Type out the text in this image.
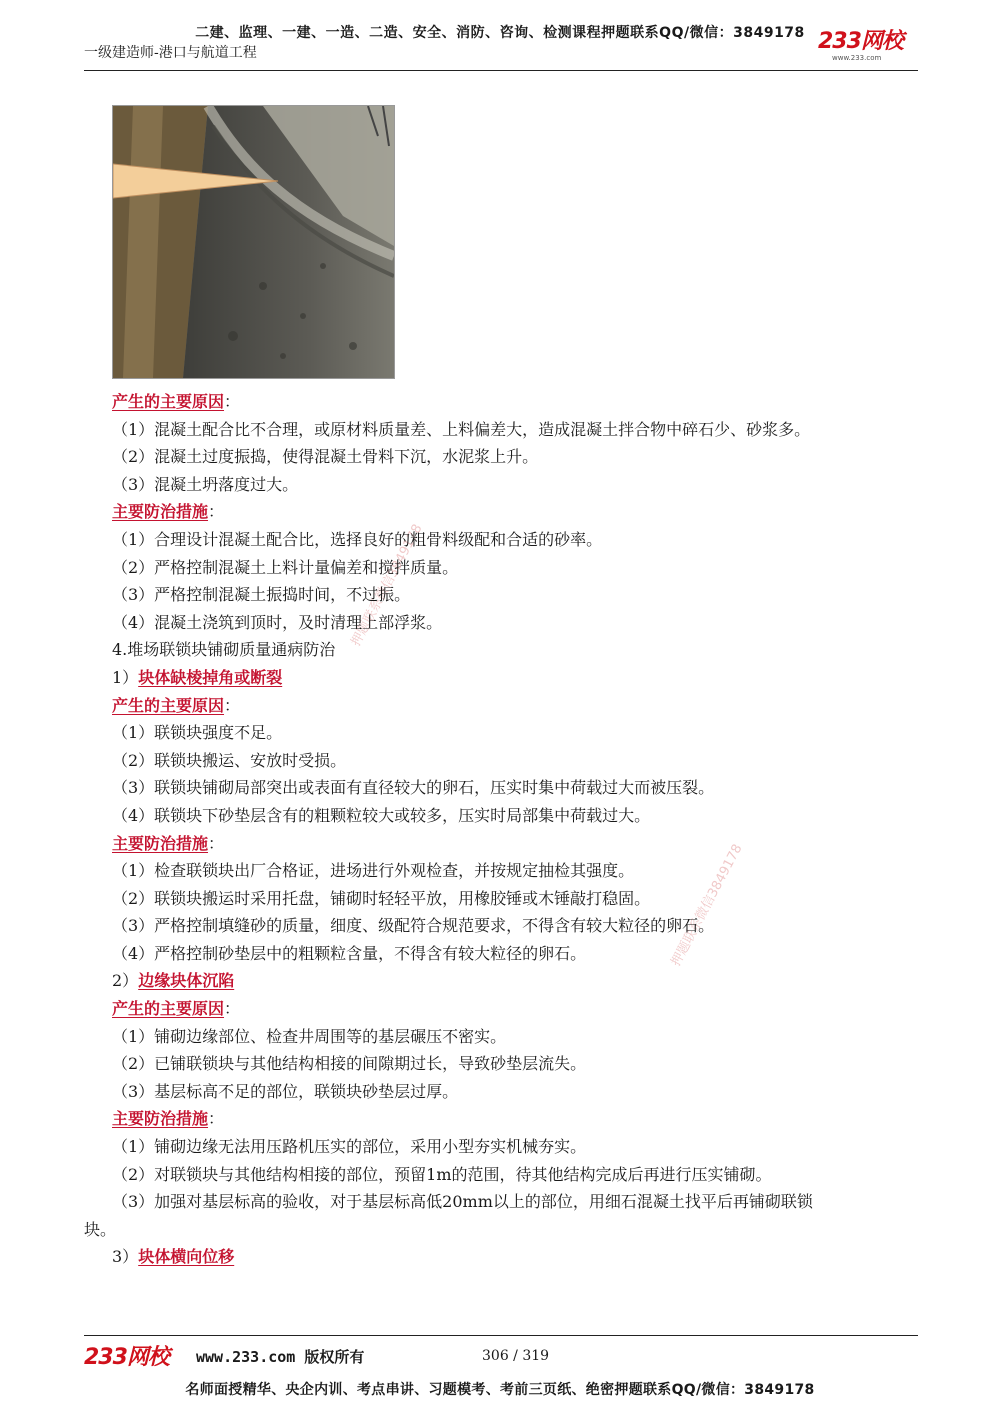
二建、监理、一建、一造、二造、安全、消防、咨询、检测课程押题联系QQ/微信：3849178
一级建造师-港口与航道工程	233网校
www.233.com
押题联系微信3849178
押题联系微信3849178
产生的主要原因：
（1）混凝土配合比不合理，或原材料质量差、上料偏差大，造成混凝土拌合物中碎石少、砂浆多。
（2）混凝土过度振捣，使得混凝土骨料下沉，水泥浆上升。
（3）混凝土坍落度过大。
主要防治措施：
（1）合理设计混凝土配合比，选择良好的粗骨料级配和合适的砂率。
（2）严格控制混凝土上料计量偏差和搅拌质量。
（3）严格控制混凝土振捣时间，不过振。
（4）混凝土浇筑到顶时，及时清理上部浮浆。
4.堆场联锁块铺砌质量通病防治
1）块体缺棱掉角或断裂
产生的主要原因：
（1）联锁块强度不足。
（2）联锁块搬运、安放时受损。
（3）联锁块铺砌局部突出或表面有直径较大的卵石，压实时集中荷载过大而被压裂。
（4）联锁块下砂垫层含有的粗颗粒较大或较多，压实时局部集中荷载过大。
主要防治措施：
（1）检查联锁块出厂合格证，进场进行外观检查，并按规定抽检其强度。
（2）联锁块搬运时采用托盘，铺砌时轻轻平放，用橡胶锤或木锤敲打稳固。
（3）严格控制填缝砂的质量，细度、级配符合规范要求，不得含有较大粒径的卵石。
（4）严格控制砂垫层中的粗颗粒含量，不得含有较大粒径的卵石。
2）边缘块体沉陷
产生的主要原因：
（1）铺砌边缘部位、检查井周围等的基层碾压不密实。
（2）已铺联锁块与其他结构相接的间隙期过长，导致砂垫层流失。
（3）基层标高不足的部位，联锁块砂垫层过厚。
主要防治措施：
（1）铺砌边缘无法用压路机压实的部位，采用小型夯实机械夯实。
（2）对联锁块与其他结构相接的部位，预留1m的范围，待其他结构完成后再进行压实铺砌。
（3）加强对基层标高的验收，对于基层标高低20mm以上的部位，用细石混凝土找平后再铺砌联锁
块。
3）块体横向位移
233网校 www.233.com 版权所有	306 / 319
名师面授精华、央企内训、考点串讲、习题模考、考前三页纸、绝密押题联系QQ/微信：3849178
